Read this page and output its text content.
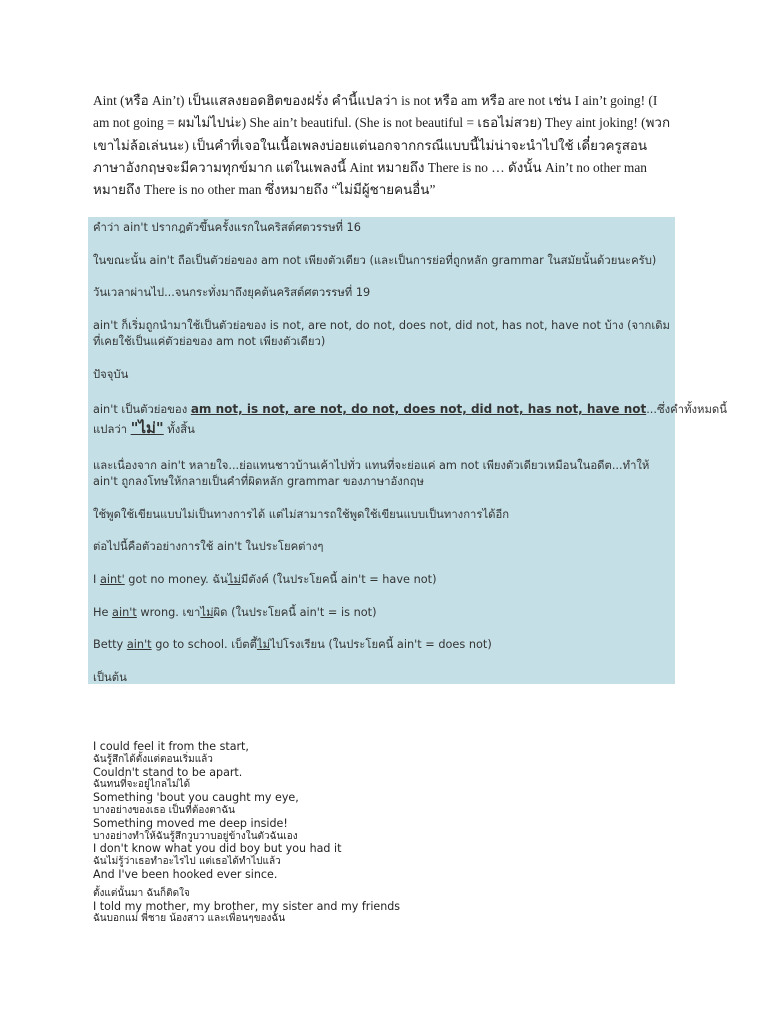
Aint (หรือ Ain’t) เป็นแสลงยอดฮิตของฝรั่ง คำนี้แปลว่า is not หรือ am หรือ are not เช่น I ain’t going! (I am not going = ผมไม่ไปน่ะ) She ain’t beautiful. (She is not beautiful = เธอไม่สวย) They aint joking! (พวกเขาไม่ล้อเล่นนะ) เป็นคำที่เจอในเนื้อเพลงบ่อยแต่นอกจากกรณีแบบนี้ไม่น่าจะนำไปใช้ เดี๋ยวครูสอนภาษาอังกฤษจะมีความทุกข์มาก แต่ในเพลงนี้ Aint หมายถึง There is no … ดังนั้น Ain’t no other man หมายถึง There is no other man ซึ่งหมายถึง “ไม่มีผู้ชายคนอื่น”
คำว่า ain't ปรากฎตัวขึ้นครั้งแรกในคริสต์ศตวรรษที่ 16
ในขณะนั้น ain't ถือเป็นตัวย่อของ am not เพียงตัวเดียว (และเป็นการย่อที่ถูกหลัก grammar ในสมัยนั้นด้วยนะครับ)
วันเวลาผ่านไป...จนกระทั่งมาถึงยุคต้นคริสต์ศตวรรษที่ 19
ain't ก็เริ่มถูกนำมาใช้เป็นตัวย่อของ is not, are not, do not, does not, did not, has not, have not บ้าง (จากเดิมที่เคยใช้เป็นแค่ตัวย่อของ am not เพียงตัวเดียว)
ปัจจุบัน
ain't เป็นตัวย่อของ am not, is not, are not, do not, does not, did not, has not, have not...ซึ่งคำทั้งหมดนี้
แปลว่า "ไม่" ทั้งสิ้น
และเนื่องจาก ain't หลายใจ...ย่อแทนชาวบ้านเค้าไปทั่ว แทนที่จะย่อแค่ am not เพียงตัวเดียวเหมือนในอดีต...ทำให้ ain't ถูกลงโทษให้กลายเป็นคำที่ผิดหลัก grammar ของภาษาอังกฤษ
ใช้พูดใช้เขียนแบบไม่เป็นทางการได้ แต่ไม่สามารถใช้พูดใช้เขียนแบบเป็นทางการได้อีก
ต่อไปนี้คือตัวอย่างการใช้ ain't ในประโยคต่างๆ
I aint' got no money. ฉันไม่มีตังค์ (ในประโยคนี้ ain't = have not)
He ain't wrong. เขาไม่ผิด (ในประโยคนี้ ain't = is not)
Betty ain't go to school. เบ็ตตี้ไม่ไปโรงเรียน (ในประโยคนี้ ain't = does not)
เป็นต้น
I could feel it from the start,
ฉันรู้สึกได้ตั้งแต่ตอนเริ่มแล้ว
Couldn't stand to be apart.
ฉันทนที่จะอยู่ไกลไม่ได้
Something 'bout you caught my eye,
บางอย่างของเธอ เป็นที่ต้องตาฉัน
Something moved me deep inside!
บางอย่างทำให้ฉันรู้สึกวูบวาบอยู่ข้างในตัวฉันเอง
I don't know what you did boy but you had it
ฉันไม่รู้ว่าเธอทำอะไรไป แต่เธอได้ทำไปแล้ว
And I've been hooked ever since.
ตั้งแต่นั้นมา ฉันก็ติดใจ
I told my mother, my brother, my sister and my friends
ฉันบอกแม่ พี่ชาย น้องสาว และเพื่อนๆของฉัน
